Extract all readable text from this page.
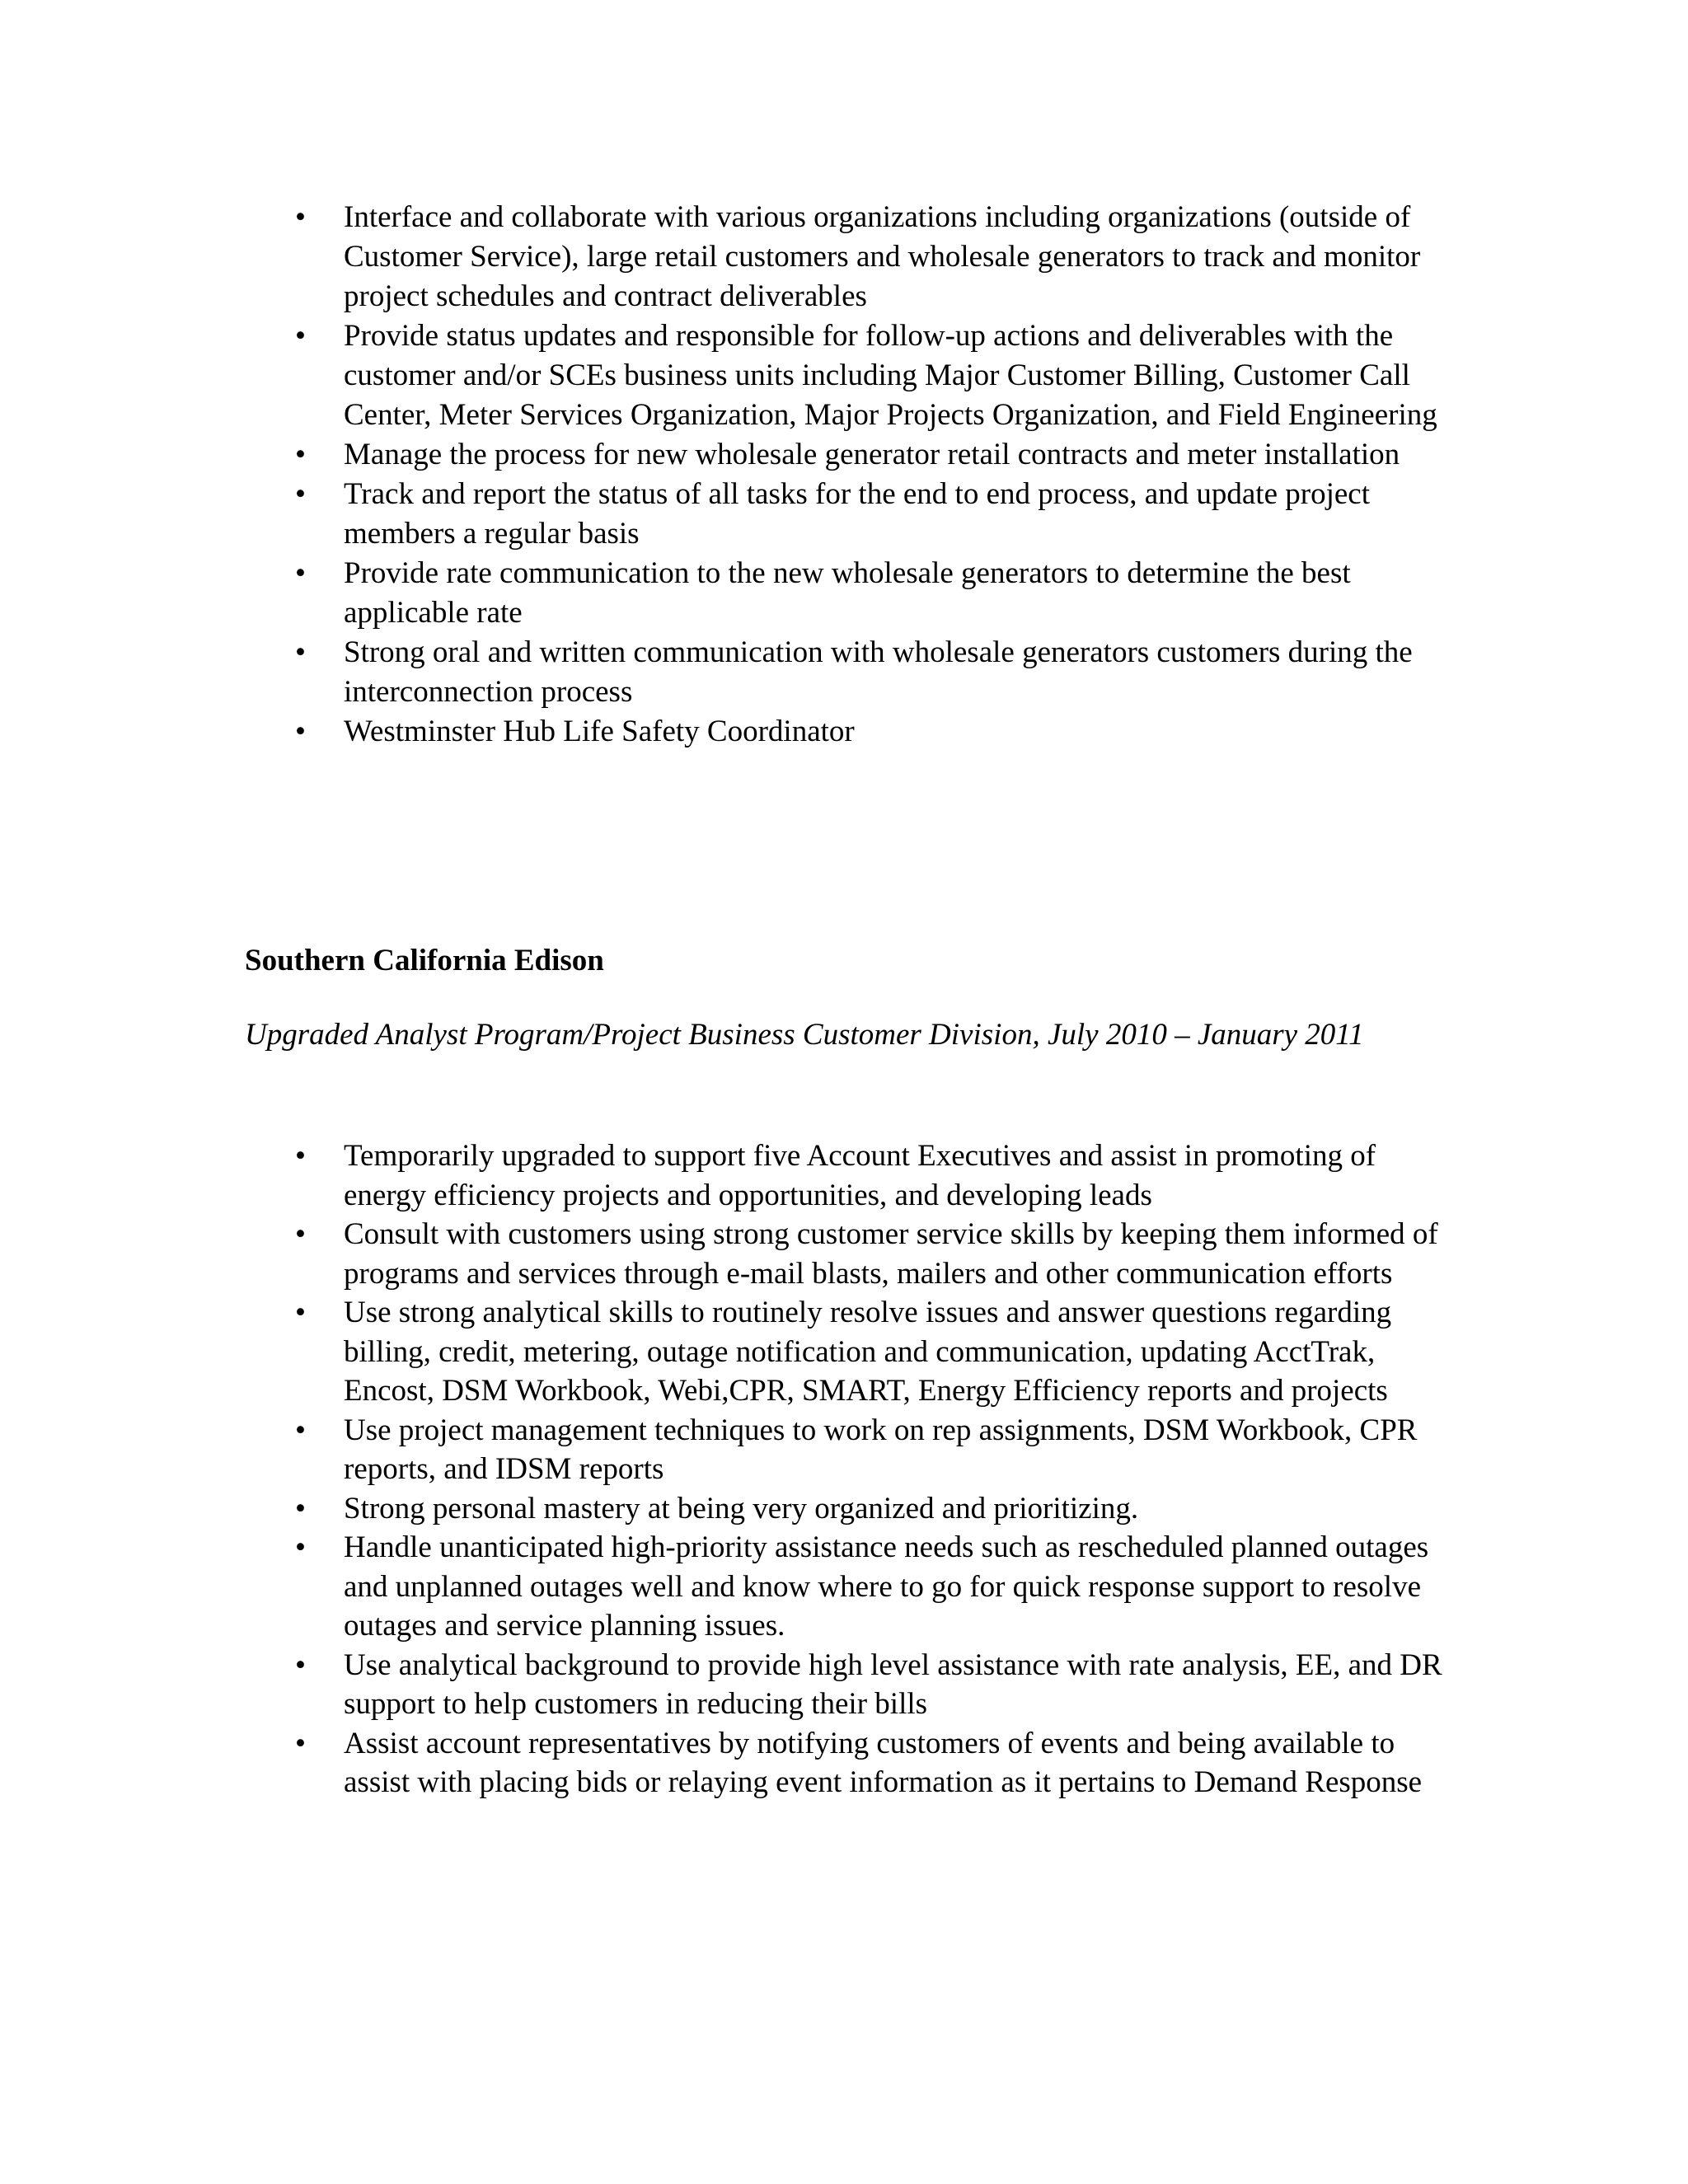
• Interface and collaborate with various organizations including organizations (outside of Customer Service), large retail customers and wholesale generators to track and monitor project schedules and contract deliverables
• Provide status updates and responsible for follow-up actions and deliverables with the customer and/or SCEs business units including Major Customer Billing, Customer Call Center, Meter Services Organization, Major Projects Organization, and Field Engineering
• Manage the process for new wholesale generator retail contracts and meter installation
• Track and report the status of all tasks for the end to end process, and update project members a regular basis
• Provide rate communication to the new wholesale generators to determine the best applicable rate
• Strong oral and written communication with wholesale generators customers during the interconnection process
• Westminster Hub Life Safety Coordinator
Southern California Edison
Upgraded Analyst Program/Project Business Customer Division, July 2010 – January 2011
• Temporarily upgraded to support five Account Executives and assist in promoting of energy efficiency projects and opportunities, and developing leads
• Consult with customers using strong customer service skills by keeping them informed of programs and services through e-mail blasts, mailers and other communication efforts
• Use strong analytical skills to routinely resolve issues and answer questions regarding billing, credit, metering, outage notification and communication, updating AcctTrak, Encost, DSM Workbook, Webi,CPR, SMART, Energy Efficiency reports and projects
• Use project management techniques to work on rep assignments, DSM Workbook, CPR reports, and IDSM reports
• Strong personal mastery at being very organized and prioritizing.
• Handle unanticipated high-priority assistance needs such as rescheduled planned outages and unplanned outages well and know where to go for quick response support to resolve outages and service planning issues.
• Use analytical background to provide high level assistance with rate analysis, EE, and DR support to help customers in reducing their bills
• Assist account representatives by notifying customers of events and being available to assist with placing bids or relaying event information as it pertains to Demand Response
